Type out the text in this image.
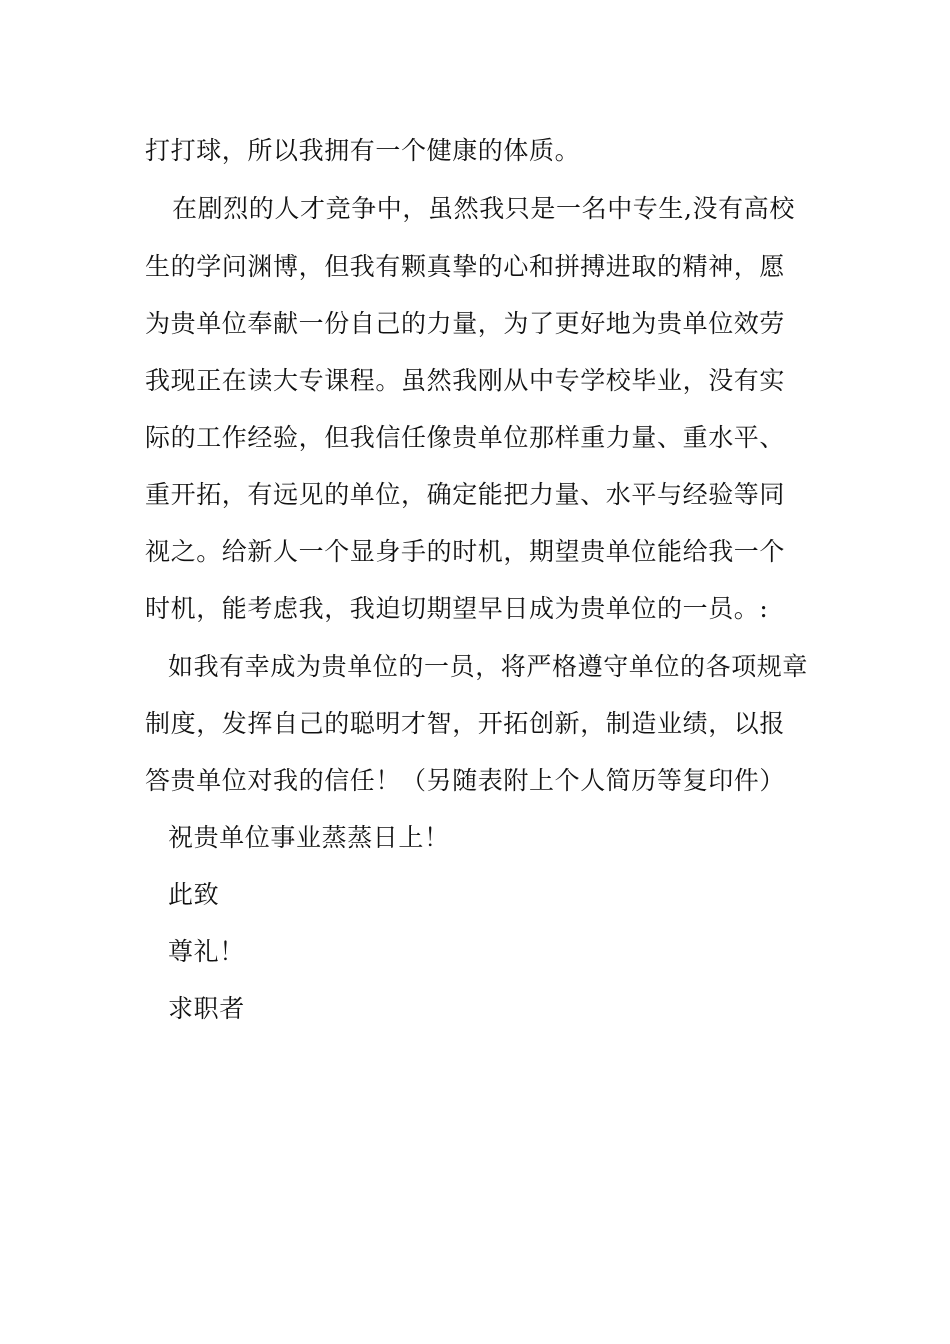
打打球，所以我拥有一个健康的体质。
在剧烈的人才竞争中，虽然我只是一名中专生,没有高校
生的学问渊博，但我有颗真挚的心和拼搏进取的精神，愿
为贵单位奉献一份自己的力量，为了更好地为贵单位效劳
我现正在读大专课程。虽然我刚从中专学校毕业，没有实
际的工作经验，但我信任像贵单位那样重力量、重水平、
重开拓，有远见的单位，确定能把力量、水平与经验等同
视之。给新人一个显身手的时机，期望贵单位能给我一个
时机，能考虑我，我迫切期望早日成为贵单位的一员。:
如我有幸成为贵单位的一员，将严格遵守单位的各项规章
制度，发挥自己的聪明才智，开拓创新，制造业绩，以报
答贵单位对我的信任！（另随表附上个人简历等复印件）
祝贵单位事业蒸蒸日上！
此致
尊礼！
求职者
